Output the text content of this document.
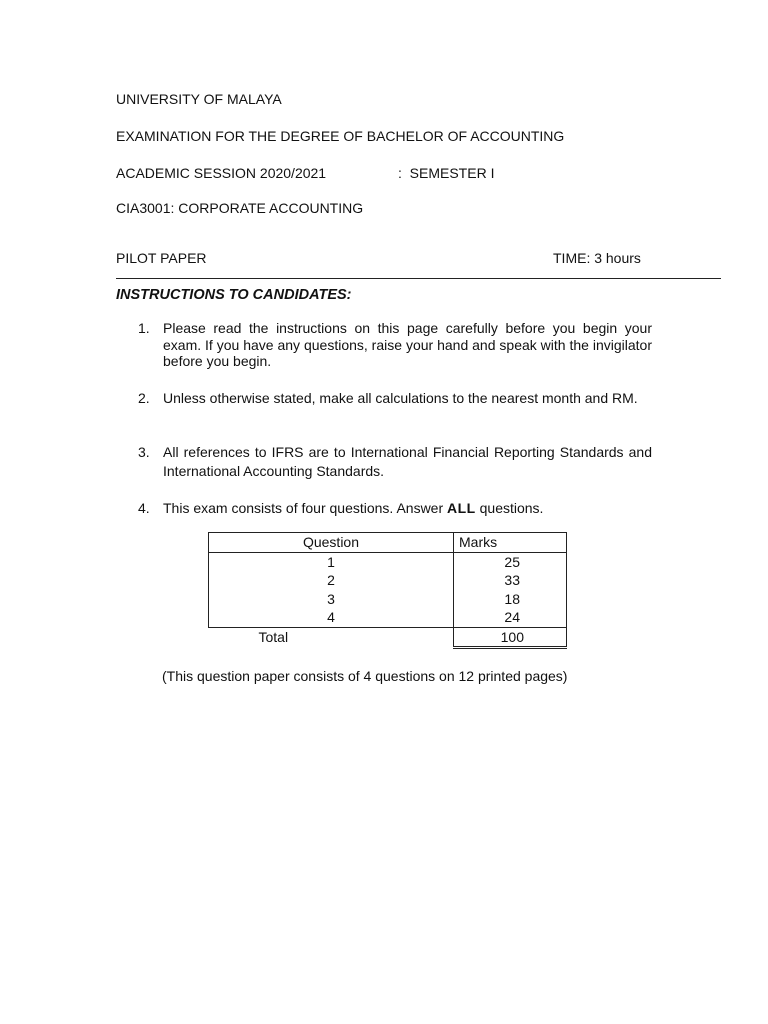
UNIVERSITY OF MALAYA
EXAMINATION FOR THE DEGREE OF BACHELOR OF ACCOUNTING
ACADEMIC SESSION 2020/2021	: SEMESTER I
CIA3001: CORPORATE ACCOUNTING
PILOT PAPER	TIME: 3 hours
INSTRUCTIONS TO CANDIDATES:
1. Please read the instructions on this page carefully before you begin your exam. If you have any questions, raise your hand and speak with the invigilator before you begin.
2. Unless otherwise stated, make all calculations to the nearest month and RM.
3. All references to IFRS are to International Financial Reporting Standards and International Accounting Standards.
4. This exam consists of four questions. Answer ALL questions.
Question	Marks
1	25
2	33
3	18
4	24
Total	100
(This question paper consists of 4 questions on 12 printed pages)
